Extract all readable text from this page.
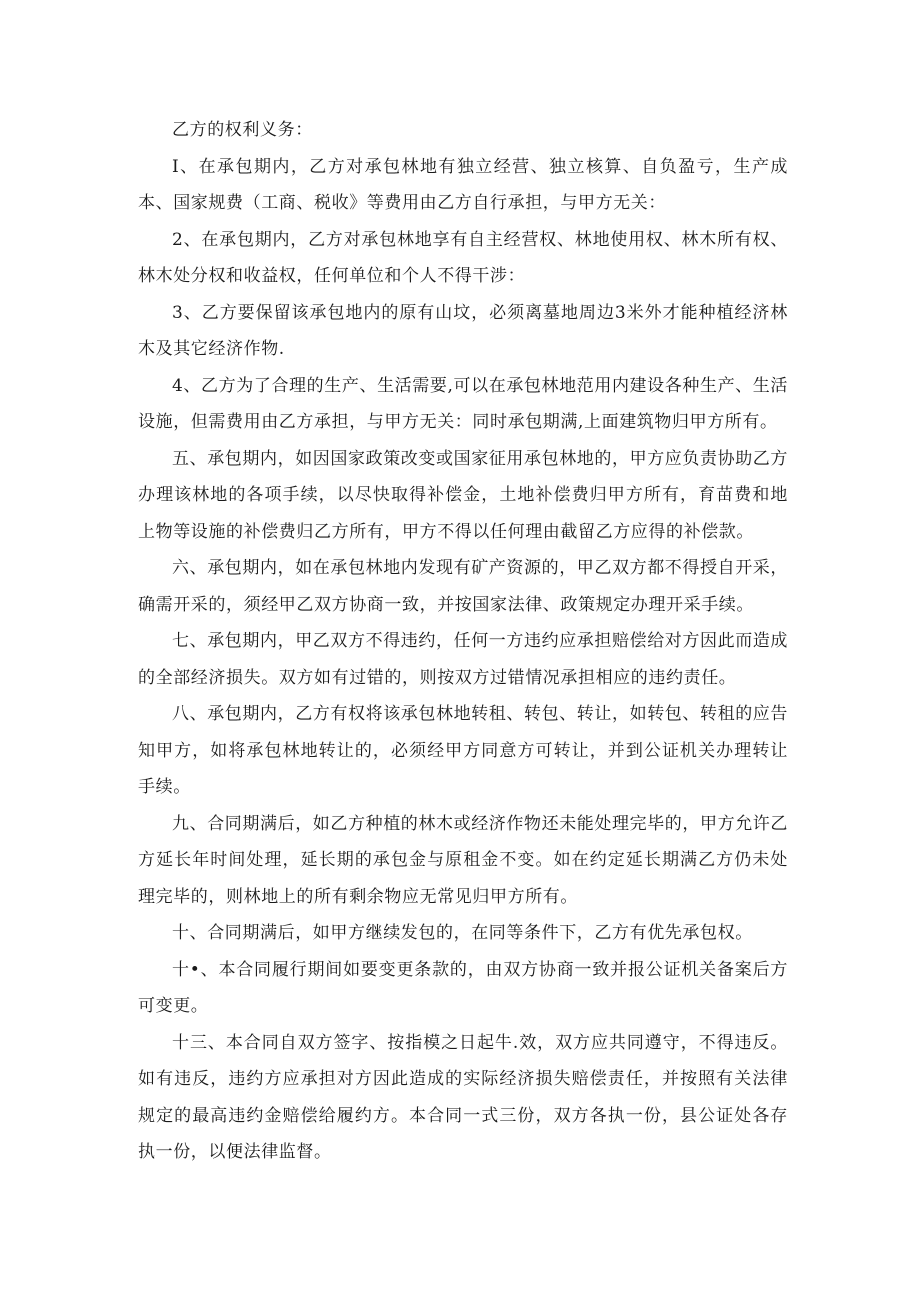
乙方的权利义务：

I、在承包期内，乙方对承包林地有独立经营、独立核算、自负盈亏，生产成本、国家规费（工商、税收》等费用由乙方自行承担，与甲方无关：

2、在承包期内，乙方对承包林地享有自主经营权、林地使用权、林木所有权、林木处分权和收益权，任何单位和个人不得干涉：

3、乙方要保留该承包地内的原有山坟，必须离墓地周边3米外才能种植经济林木及其它经济作物.

4、乙方为了合理的生产、生活需要,可以在承包林地范用内建设各种生产、生活设施，但需费用由乙方承担，与甲方无关：同时承包期满,上面建筑物归甲方所有。

五、承包期内，如因国家政策改变或国家征用承包林地的，甲方应负责协助乙方办理该林地的各项手续，以尽快取得补偿金，土地补偿费归甲方所有，育苗费和地上物等设施的补偿费归乙方所有，甲方不得以任何理由截留乙方应得的补偿款。

六、承包期内，如在承包林地内发现有矿产资源的，甲乙双方都不得授自开采，确需开采的，须经甲乙双方协商一致，并按国家法律、政策规定办理开采手续。

七、承包期内，甲乙双方不得违约，任何一方违约应承担赔偿给对方因此而造成的全部经济损失。双方如有过错的，则按双方过错情况承担相应的违约责任。

八、承包期内，乙方有权将该承包林地转租、转包、转让，如转包、转租的应告知甲方，如将承包林地转让的，必须经甲方同意方可转让，并到公证机关办理转让手续。

九、合同期满后，如乙方种植的林木或经济作物还未能处理完毕的，甲方允许乙方延长年时间处理，延长期的承包金与原租金不变。如在约定延长期满乙方仍未处理完毕的，则林地上的所有剩余物应无常见归甲方所有。

十、合同期满后，如甲方继续发包的，在同等条件下，乙方有优先承包权。

十•、本合同履行期间如要变更条款的，由双方协商一致并报公证机关备案后方可变更。

十三、本合同自双方签字、按指模之日起牛.效，双方应共同遵守，不得违反。如有违反，违约方应承担对方因此造成的实际经济损失赔偿责任，并按照有关法律规定的最高违约金赔偿给履约方。本合同一式三份，双方各执一份，县公证处各存执一份，以便法律监督。
